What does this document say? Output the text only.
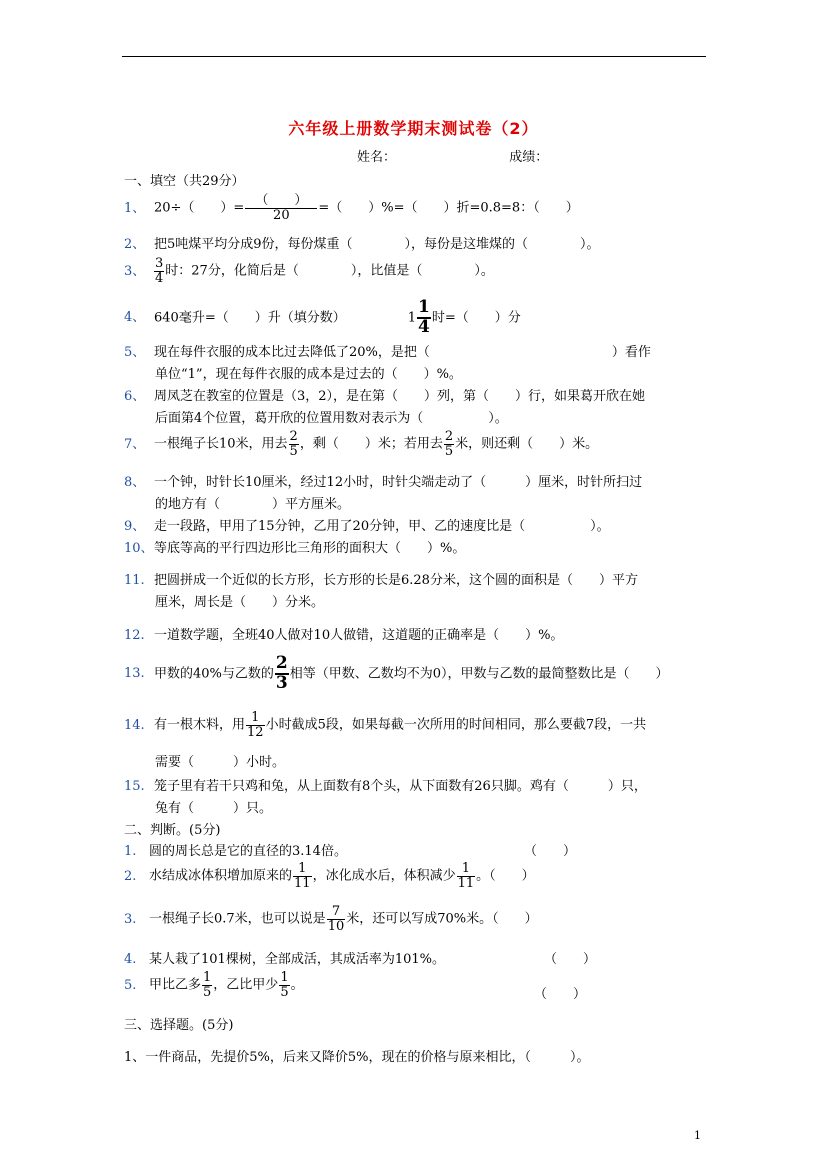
六年级上册数学期末测试卷（2）
姓名：	成绩：
一、填空（共29分）
1、 20÷（　　）= $\frac{( )}{20}$ =（　　）%=（　　）折=0.8=8：（　　）
2、 把5吨煤平均分成9份，每份煤重（　　　　），每份是这堆煤的（　　　　）。
3、 $\frac{3}{4}$ 时：27分，化简后是（　　　　），比值是（　　　　）。
4、 640毫升=（　　）升（填分数）	$1 \frac{1}{4}$ 时=（　　）分
5、 现在每件衣服的成本比过去降低了20%，是把（　　　　　　　　　　　　　　）看作
单位“1”，现在每件衣服的成本是过去的（　　）%。
6、 周凤芝在教室的位置是（3，2），是在第（　　）列，第（　　）行，如果葛开欣在她
后面第4个位置，葛开欣的位置用数对表示为（　　　　　）。
7、 一根绳子长10米，用去 $\frac{2}{5}$ ，剩（　　）米；若用去 $\frac{2}{5}$ 米，则还剩（　　）米。
8、 一个钟，时针长10厘米，经过12小时，时针尖端走动了（　　　）厘米，时针所扫过
的地方有（　　　　）平方厘米。
9、 走一段路，甲用了15分钟，乙用了20分钟，甲、乙的速度比是（　　　　　）。
10、等底等高的平行四边形比三角形的面积大（　　）%。
11. 把圆拼成一个近似的长方形，长方形的长是6.28分米，这个圆的面积是（　　）平方
厘米，周长是（　　）分米。
12. 一道数学题，全班40人做对10人做错，这道题的正确率是（　　）%。
13. 甲数的40%与乙数的 $\frac{2}{3}$ 相等（甲数、乙数均不为0），甲数与乙数的最简整数比是（　　）
14. 有一根木料，用 $\frac{1}{12}$ 小时截成5段，如果每截一次所用的时间相同，那么要截7段，一共
需要（　　　）小时。
15. 笼子里有若干只鸡和兔，从上面数有8个头，从下面数有26只脚。鸡有（　　　）只，
兔有（　　　）只。
二、判断。(5分)
1. 圆的周长总是它的直径的3.14倍。	（　　）
2. 水结成冰体积增加原来的 $\frac{1}{11}$ ，冰化成水后，体积减少 $\frac{1}{11}$ 。（　　）
3. 一根绳子长0.7米，也可以说是 $\frac{7}{10}$ 米，还可以写成70%米。（　　）
4. 某人栽了101棵树，全部成活，其成活率为101%。	（　　）
5. 甲比乙多 $\frac{1}{5}$ ，乙比甲少 $\frac{1}{5}$ 。
（　　）
三、选择题。(5分)
1、一件商品，先提价5%，后来又降价5%，现在的价格与原来相比，（　　　）。
1
